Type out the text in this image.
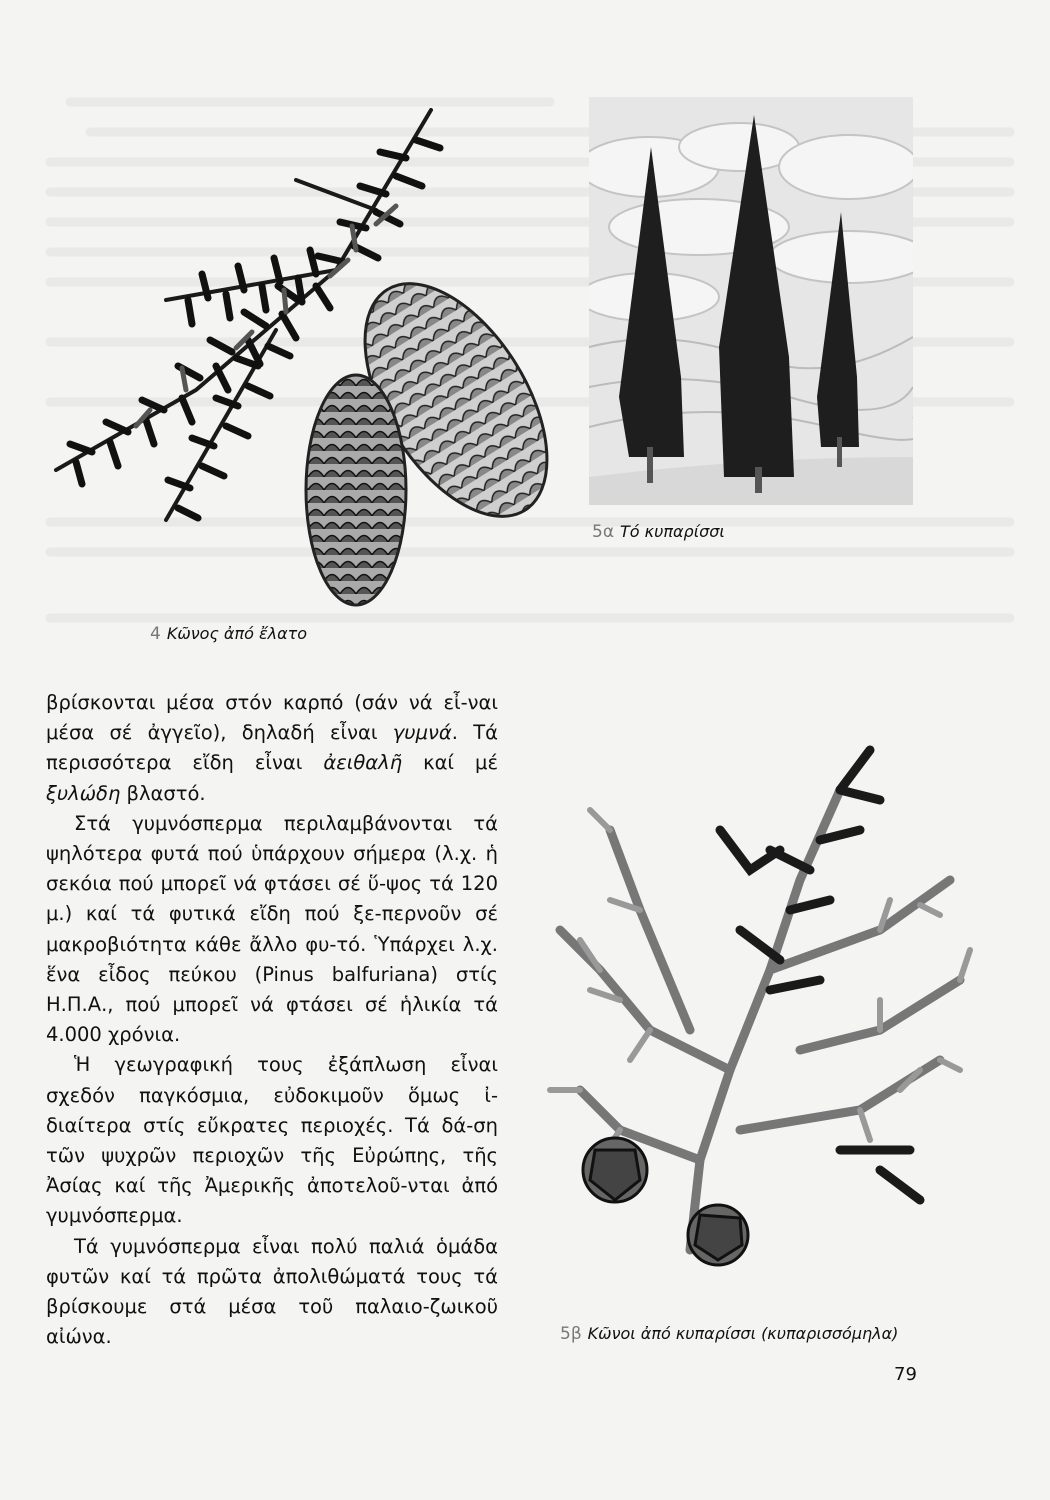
4 Κῶνος ἀπό ἔλατο
5α Τό κυπαρίσσι
5β Κῶνοι ἀπό κυπαρίσσι (κυπαρισσόμηλα)

βρίσκονται μέσα στόν καρπό (σάν νά εἶ-ναι μέσα σέ ἀγγεῖο), δηλαδή εἶναι γυμνά. Τά περισσότερα εἴδη εἶναι ἀειθαλῆ καί μέ ξυλώδη βλαστό.

Στά γυμνόσπερμα περιλαμβάνονται τά ψηλότερα φυτά πού ὑπάρχουν σήμερα (λ.χ. ἡ σεκόια πού μπορεῖ νά φτάσει σέ ὕ-ψος τά 120 μ.) καί τά φυτικά εἴδη πού ξε-περνοῦν σέ μακροβιότητα κάθε ἄλλο φυ-τό. Ὑπάρχει λ.χ. ἕνα εἶδος πεύκου (Pinus balfuriana) στίς Η.Π.Α., πού μπορεῖ νά φτάσει σέ ἡλικία τά 4.000 χρόνια.

Ἡ γεωγραφική τους ἐξάπλωση εἶναι σχεδόν παγκόσμια, εὐδοκιμοῦν ὅμως ἰ-διαίτερα στίς εὔκρατες περιοχές. Τά δά-ση τῶν ψυχρῶν περιοχῶν τῆς Εὐρώπης, τῆς Ἀσίας καί τῆς Ἀμερικῆς ἀποτελοῦ-νται ἀπό γυμνόσπερμα.

Τά γυμνόσπερμα εἶναι πολύ παλιά ὁμάδα φυτῶν καί τά πρῶτα ἀπολιθώματά τους τά βρίσκουμε στά μέσα τοῦ παλαιο-ζωικοῦ αἰώνα.

79
